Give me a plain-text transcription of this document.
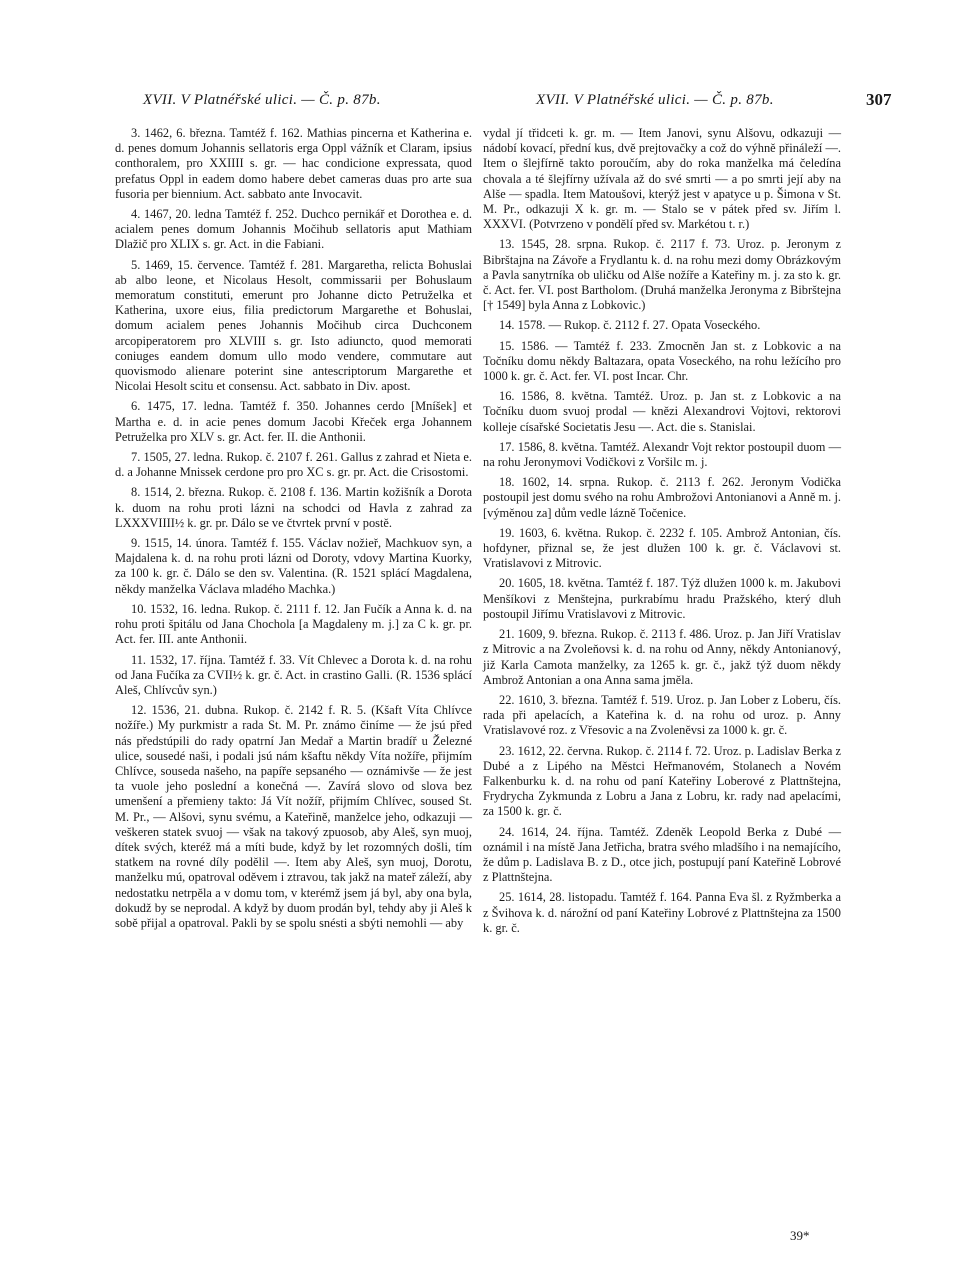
XVII. V Platnéřské ulici. — Č. p. 87b.	XVII. V Platnéřské ulici. — Č. p. 87b.	307

3. 1462, 6. března. Tamtéž f. 162. Mathias pincerna et Katherina e. d. penes domum Johannis sellatoris erga Oppl vážník et Claram, ipsius conthoralem, pro XXIIII s. gr. — hac condicione expressata, quod prefatus Oppl in eadem domo habere debet cameras duas pro arte sua fusoria per biennium. Act. sabbato ante Invocavit.

4. 1467, 20. ledna Tamtéž f. 252. Duchco pernikář et Dorothea e. d. acialem penes domum Johannis Močihub sellatoris aput Mathiam Dlažič pro XLIX s. gr. Act. in die Fabiani.

5. 1469, 15. července. Tamtéž f. 281. Margaretha, relicta Bohuslai ab albo leone, et Nicolaus Hesolt, commissarii per Bohuslaum memoratum constituti, emerunt pro Johanne dicto Petruželka et Katherina, uxore eius, filia predictorum Margarethe et Bohuslai, domum acialem penes Johannis Močihub circa Duchconem arcopiperatorem pro XLVIII s. gr. Isto adiuncto, quod memorati coniuges eandem domum ullo modo vendere, commutare aut quovismodo alienare poterint sine antescriptorum Margarethe et Nicolai Hesolt scitu et consensu. Act. sabbato in Div. apost.

6. 1475, 17. ledna. Tamtéž f. 350. Johannes cerdo [Mníšek] et Martha e. d. in acie penes domum Jacobi Křeček erga Johannem Petruželka pro XLV s. gr. Act. fer. II. die Anthonii.

7. 1505, 27. ledna. Rukop. č. 2107 f. 261. Gallus z zahrad et Nieta e. d. a Johanne Mnissek cerdone pro pro XC s. gr. pr. Act. die Crisostomi.

8. 1514, 2. března. Rukop. č. 2108 f. 136. Martin kožišník a Dorota k. duom na rohu proti lázni na schodci od Havla z zahrad za LXXXVIIII½ k. gr. pr. Dálo se ve čtvrtek první v postě.

9. 1515, 14. února. Tamtéž f. 155. Václav nožieř, Machkuov syn, a Majdalena k. d. na rohu proti lázni od Doroty, vdovy Martina Kuorky, za 100 k. gr. č. Dálo se den sv. Valentina. (R. 1521 splácí Magdalena, někdy manželka Václava mladého Machka.)

10. 1532, 16. ledna. Rukop. č. 2111 f. 12. Jan Fučík a Anna k. d. na rohu proti špitálu od Jana Chochola [a Magdaleny m. j.] za C k. gr. pr. Act. fer. III. ante Anthonii.

11. 1532, 17. října. Tamtéž f. 33. Vít Chlevec a Dorota k. d. na rohu od Jana Fučíka za CVII½ k. gr. č. Act. in crastino Galli. (R. 1536 splácí Aleš, Chlívcův syn.)

12. 1536, 21. dubna. Rukop. č. 2142 f. R. 5. (Kšaft Víta Chlívce nožíře.) My purkmistr a rada St. M. Pr. známo činíme — že jsú před nás předstúpili do rady opatrní Jan Medař a Martin bradíř u Železné ulice, sousedé naši, i podali jsú nám kšaftu někdy Víta nožíře, přijmím Chlívce, souseda našeho, na papíře sepsaného — oznámivše — že jest ta vuole jeho poslední a konečná —. Zavírá slovo od slova bez umenšení a přemieny takto: Já Vít nožíř, přijmím Chlívec, soused St. M. Pr., — Alšovi, synu svému, a Kateřině, manželce jeho, odkazuji — veškeren statek svuoj — však na takový zpuosob, aby Aleš, syn muoj, dítek svých, kteréž má a míti bude, když by let rozomných došli, tím statkem na rovné díly podělil —. Item aby Aleš, syn muoj, Dorotu, manželku mú, opatroval oděvem i ztravou, tak jakž na mateř záleží, aby nedostatku netrpěla a v domu tom, v kterémž jsem já byl, aby ona byla, dokudž by se neprodal. A když by duom prodán byl, tehdy aby ji Aleš k sobě přijal a opatroval. Pakli by se spolu snésti a sbýti nemohli — aby

vydal jí třidceti k. gr. m. — Item Janovi, synu Alšovu, odkazuji — nádobí kovací, přední kus, dvě prejtovačky a což do výhně přináleží —. Item o šlejfírně takto poroučím, aby do roka manželka má čeledína chovala a té šlejfírny užívala až do své smrti — a po smrti její aby na Alše — spadla. Item Matoušovi, kterýž jest v apatyce u p. Šimona v St. M. Pr., odkazuji X k. gr. m. — Stalo se v pátek před sv. Jiřím l. XXXVI. (Potvrzeno v pondělí před sv. Markétou t. r.)

13. 1545, 28. srpna. Rukop. č. 2117 f. 73. Uroz. p. Jeronym z Bibrštajna na Závoře a Frydlantu k. d. na rohu mezi domy Obrázkovým a Pavla sanytrníka ob uličku od Alše nožíře a Kateřiny m. j. za sto k. gr. č. Act. fer. VI. post Bartholom. (Druhá manželka Jeronyma z Bibrštejna [† 1549] byla Anna z Lobkovic.)

14. 1578. — Rukop. č. 2112 f. 27. Opata Voseckého.

15. 1586. — Tamtéž f. 233. Zmocněn Jan st. z Lobkovic a na Točníku domu někdy Baltazara, opata Voseckého, na rohu ležícího pro 1000 k. gr. č. Act. fer. VI. post Incar. Chr.

16. 1586, 8. května. Tamtéž. Uroz. p. Jan st. z Lobkovic a na Točníku duom svuoj prodal — knězi Alexandrovi Vojtovi, rektorovi kolleje císařské Societatis Jesu —. Act. die s. Stanislai.

17. 1586, 8. května. Tamtéž. Alexandr Vojt rektor postoupil duom — na rohu Jeronymovi Vodičkovi z Voršilc m. j.

18. 1602, 14. srpna. Rukop. č. 2113 f. 262. Jeronym Vodička postoupil jest domu svého na rohu Ambrožovi Antonianovi a Anně m. j. [výměnou za] dům vedle lázně Točenice.

19. 1603, 6. května. Rukop. č. 2232 f. 105. Ambrož Antonian, čís. hofdyner, přiznal se, že jest dlužen 100 k. gr. č. Václavovi st. Vratislavovi z Mitrovic.

20. 1605, 18. května. Tamtéž f. 187. Týž dlužen 1000 k. m. Jakubovi Menšíkovi z Menštejna, purkrabímu hradu Pražského, který dluh postoupil Jiřímu Vratislavovi z Mitrovic.

21. 1609, 9. března. Rukop. č. 2113 f. 486. Uroz. p. Jan Jiří Vratislav z Mitrovic a na Zvoleňovsi k. d. na rohu od Anny, někdy Antonianový, již Karla Camota manželky, za 1265 k. gr. č., jakž týž duom někdy Ambrož Antonian a ona Anna sama jměla.

22. 1610, 3. března. Tamtéž f. 519. Uroz. p. Jan Lober z Loberu, čís. rada při apelacích, a Kateřina k. d. na rohu od uroz. p. Anny Vratislavové roz. z Vřesovic a na Zvoleněvsi za 1000 k. gr. č.

23. 1612, 22. června. Rukop. č. 2114 f. 72. Uroz. p. Ladislav Berka z Dubé a z Lipého na Městci Heřmanovém, Stolanech a Novém Falkenburku k. d. na rohu od paní Kateřiny Loberové z Plattnštejna, Frydrycha Zykmunda z Lobru a Jana z Lobru, kr. rady nad apelacími, za 1500 k. gr. č.

24. 1614, 24. října. Tamtéž. Zdeněk Leopold Berka z Dubé — oznámil i na místě Jana Jetřicha, bratra svého mladšího i na nemajícího, že dům p. Ladislava B. z D., otce jich, postupují paní Kateřině Lobrové z Plattnštejna.

25. 1614, 28. listopadu. Tamtéž f. 164. Panna Eva šl. z Ryžmberka a z Švihova k. d. nárožní od paní Kateřiny Lobrové z Plattnštejna za 1500 k. gr. č.

39*
